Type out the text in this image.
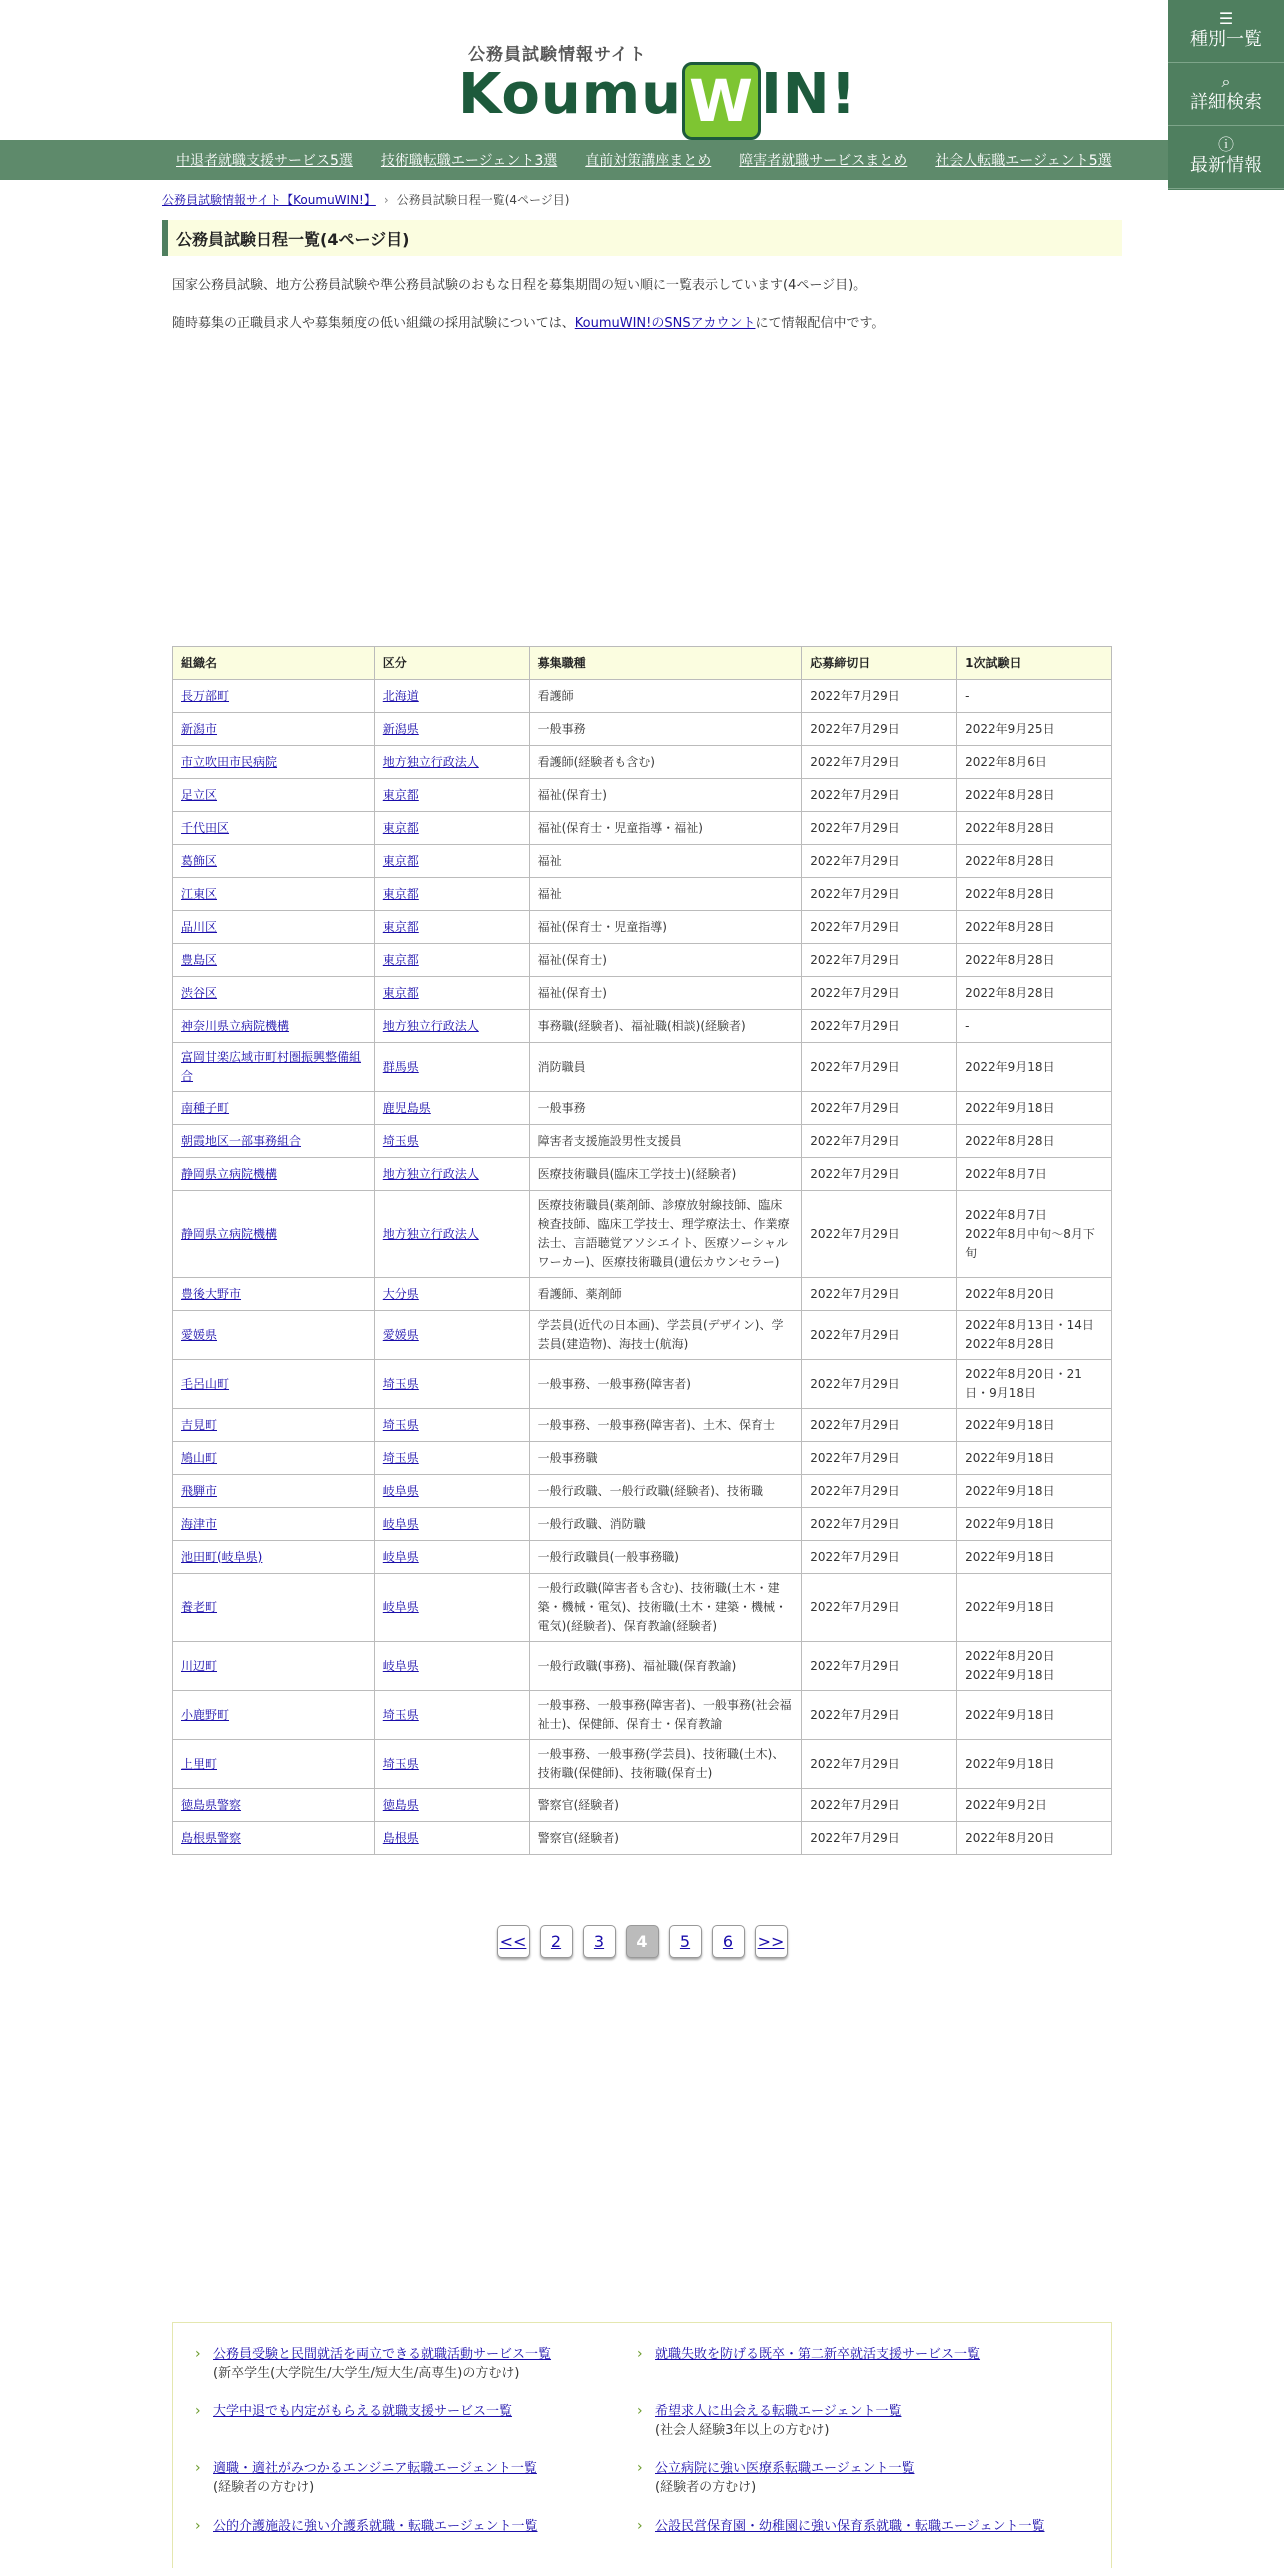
公務員試験情報サイト
Koumu W IN!
☰
種別一覧
⌕
詳細検索
ⓘ
最新情報
中退者就職支援サービス5選 技術職転職エージェント3選 直前対策講座まとめ 障害者就職サービスまとめ 社会人転職エージェント5選
公務員試験情報サイト【KoumuWIN!】 › 公務員試験日程一覧(4ページ目)
公務員試験日程一覧(4ページ目)

国家公務員試験、地方公務員試験や準公務員試験のおもな日程を募集期間の短い順に一覧表示しています(4ページ目)。

随時募集の正職員求人や募集頻度の低い組織の採用試験については、KoumuWIN!のSNSアカウントにて情報配信中です。

組織名	区分	募集職種	応募締切日	1次試験日
長万部町	北海道	看護師	2022年7月29日	-
新潟市	新潟県	一般事務	2022年7月29日	2022年9月25日
市立吹田市民病院	地方独立行政法人	看護師(経験者も含む)	2022年7月29日	2022年8月6日
足立区	東京都	福祉(保育士)	2022年7月29日	2022年8月28日
千代田区	東京都	福祉(保育士・児童指導・福祉)	2022年7月29日	2022年8月28日
葛飾区	東京都	福祉	2022年7月29日	2022年8月28日
江東区	東京都	福祉	2022年7月29日	2022年8月28日
品川区	東京都	福祉(保育士・児童指導)	2022年7月29日	2022年8月28日
豊島区	東京都	福祉(保育士)	2022年7月29日	2022年8月28日
渋谷区	東京都	福祉(保育士)	2022年7月29日	2022年8月28日
神奈川県立病院機構	地方独立行政法人	事務職(経験者)、福祉職(相談)(経験者)	2022年7月29日	-
富岡甘楽広域市町村圏振興整備組合	群馬県	消防職員	2022年7月29日	2022年9月18日
南種子町	鹿児島県	一般事務	2022年7月29日	2022年9月18日
朝霞地区一部事務組合	埼玉県	障害者支援施設男性支援員	2022年7月29日	2022年8月28日
静岡県立病院機構	地方独立行政法人	医療技術職員(臨床工学技士)(経験者)	2022年7月29日	2022年8月7日
静岡県立病院機構	地方独立行政法人	医療技術職員(薬剤師、診療放射線技師、臨床検査技師、臨床工学技士、理学療法士、作業療法士、言語聴覚アソシエイト、医療ソーシャルワーカー)、医療技術職員(遺伝カウンセラー)	2022年7月29日	2022年8月7日
2022年8月中旬～8月下旬
豊後大野市	大分県	看護師、薬剤師	2022年7月29日	2022年8月20日
愛媛県	愛媛県	学芸員(近代の日本画)、学芸員(デザイン)、学芸員(建造物)、海技士(航海)	2022年7月29日	2022年8月13日・14日
2022年8月28日
毛呂山町	埼玉県	一般事務、一般事務(障害者)	2022年7月29日	2022年8月20日・21日・9月18日
吉見町	埼玉県	一般事務、一般事務(障害者)、土木、保育士	2022年7月29日	2022年9月18日
鳩山町	埼玉県	一般事務職	2022年7月29日	2022年9月18日
飛騨市	岐阜県	一般行政職、一般行政職(経験者)、技術職	2022年7月29日	2022年9月18日
海津市	岐阜県	一般行政職、消防職	2022年7月29日	2022年9月18日
池田町(岐阜県)	岐阜県	一般行政職員(一般事務職)	2022年7月29日	2022年9月18日
養老町	岐阜県	一般行政職(障害者も含む)、技術職(土木・建築・機械・電気)、技術職(土木・建築・機械・電気)(経験者)、保育教諭(経験者)	2022年7月29日	2022年9月18日
川辺町	岐阜県	一般行政職(事務)、福祉職(保育教諭)	2022年7月29日	2022年8月20日
2022年9月18日
小鹿野町	埼玉県	一般事務、一般事務(障害者)、一般事務(社会福祉士)、保健師、保育士・保育教諭	2022年7月29日	2022年9月18日
上里町	埼玉県	一般事務、一般事務(学芸員)、技術職(土木)、技術職(保健師)、技術職(保育士)	2022年7月29日	2022年9月18日
徳島県警察	徳島県	警察官(経験者)	2022年7月29日	2022年9月2日
島根県警察	島根県	警察官(経験者)	2022年7月29日	2022年8月20日
<<	2	3	4	5	6	>>
› 公務員受験と民間就活を両立できる就職活動サービス一覧
(新卒学生(大学院生/大学生/短大生/高専生)の方むけ)
› 就職失敗を防げる既卒・第二新卒就活支援サービス一覧
› 大学中退でも内定がもらえる就職支援サービス一覧	› 希望求人に出会える転職エージェント一覧
(社会人経験3年以上の方むけ)
› 適職・適社がみつかるエンジニア転職エージェント一覧
(経験者の方むけ)
› 公立病院に強い医療系転職エージェント一覧
(経験者の方むけ)
› 公的介護施設に強い介護系就職・転職エージェント一覧	› 公設民営保育園・幼稚園に強い保育系就職・転職エージェント一覧
